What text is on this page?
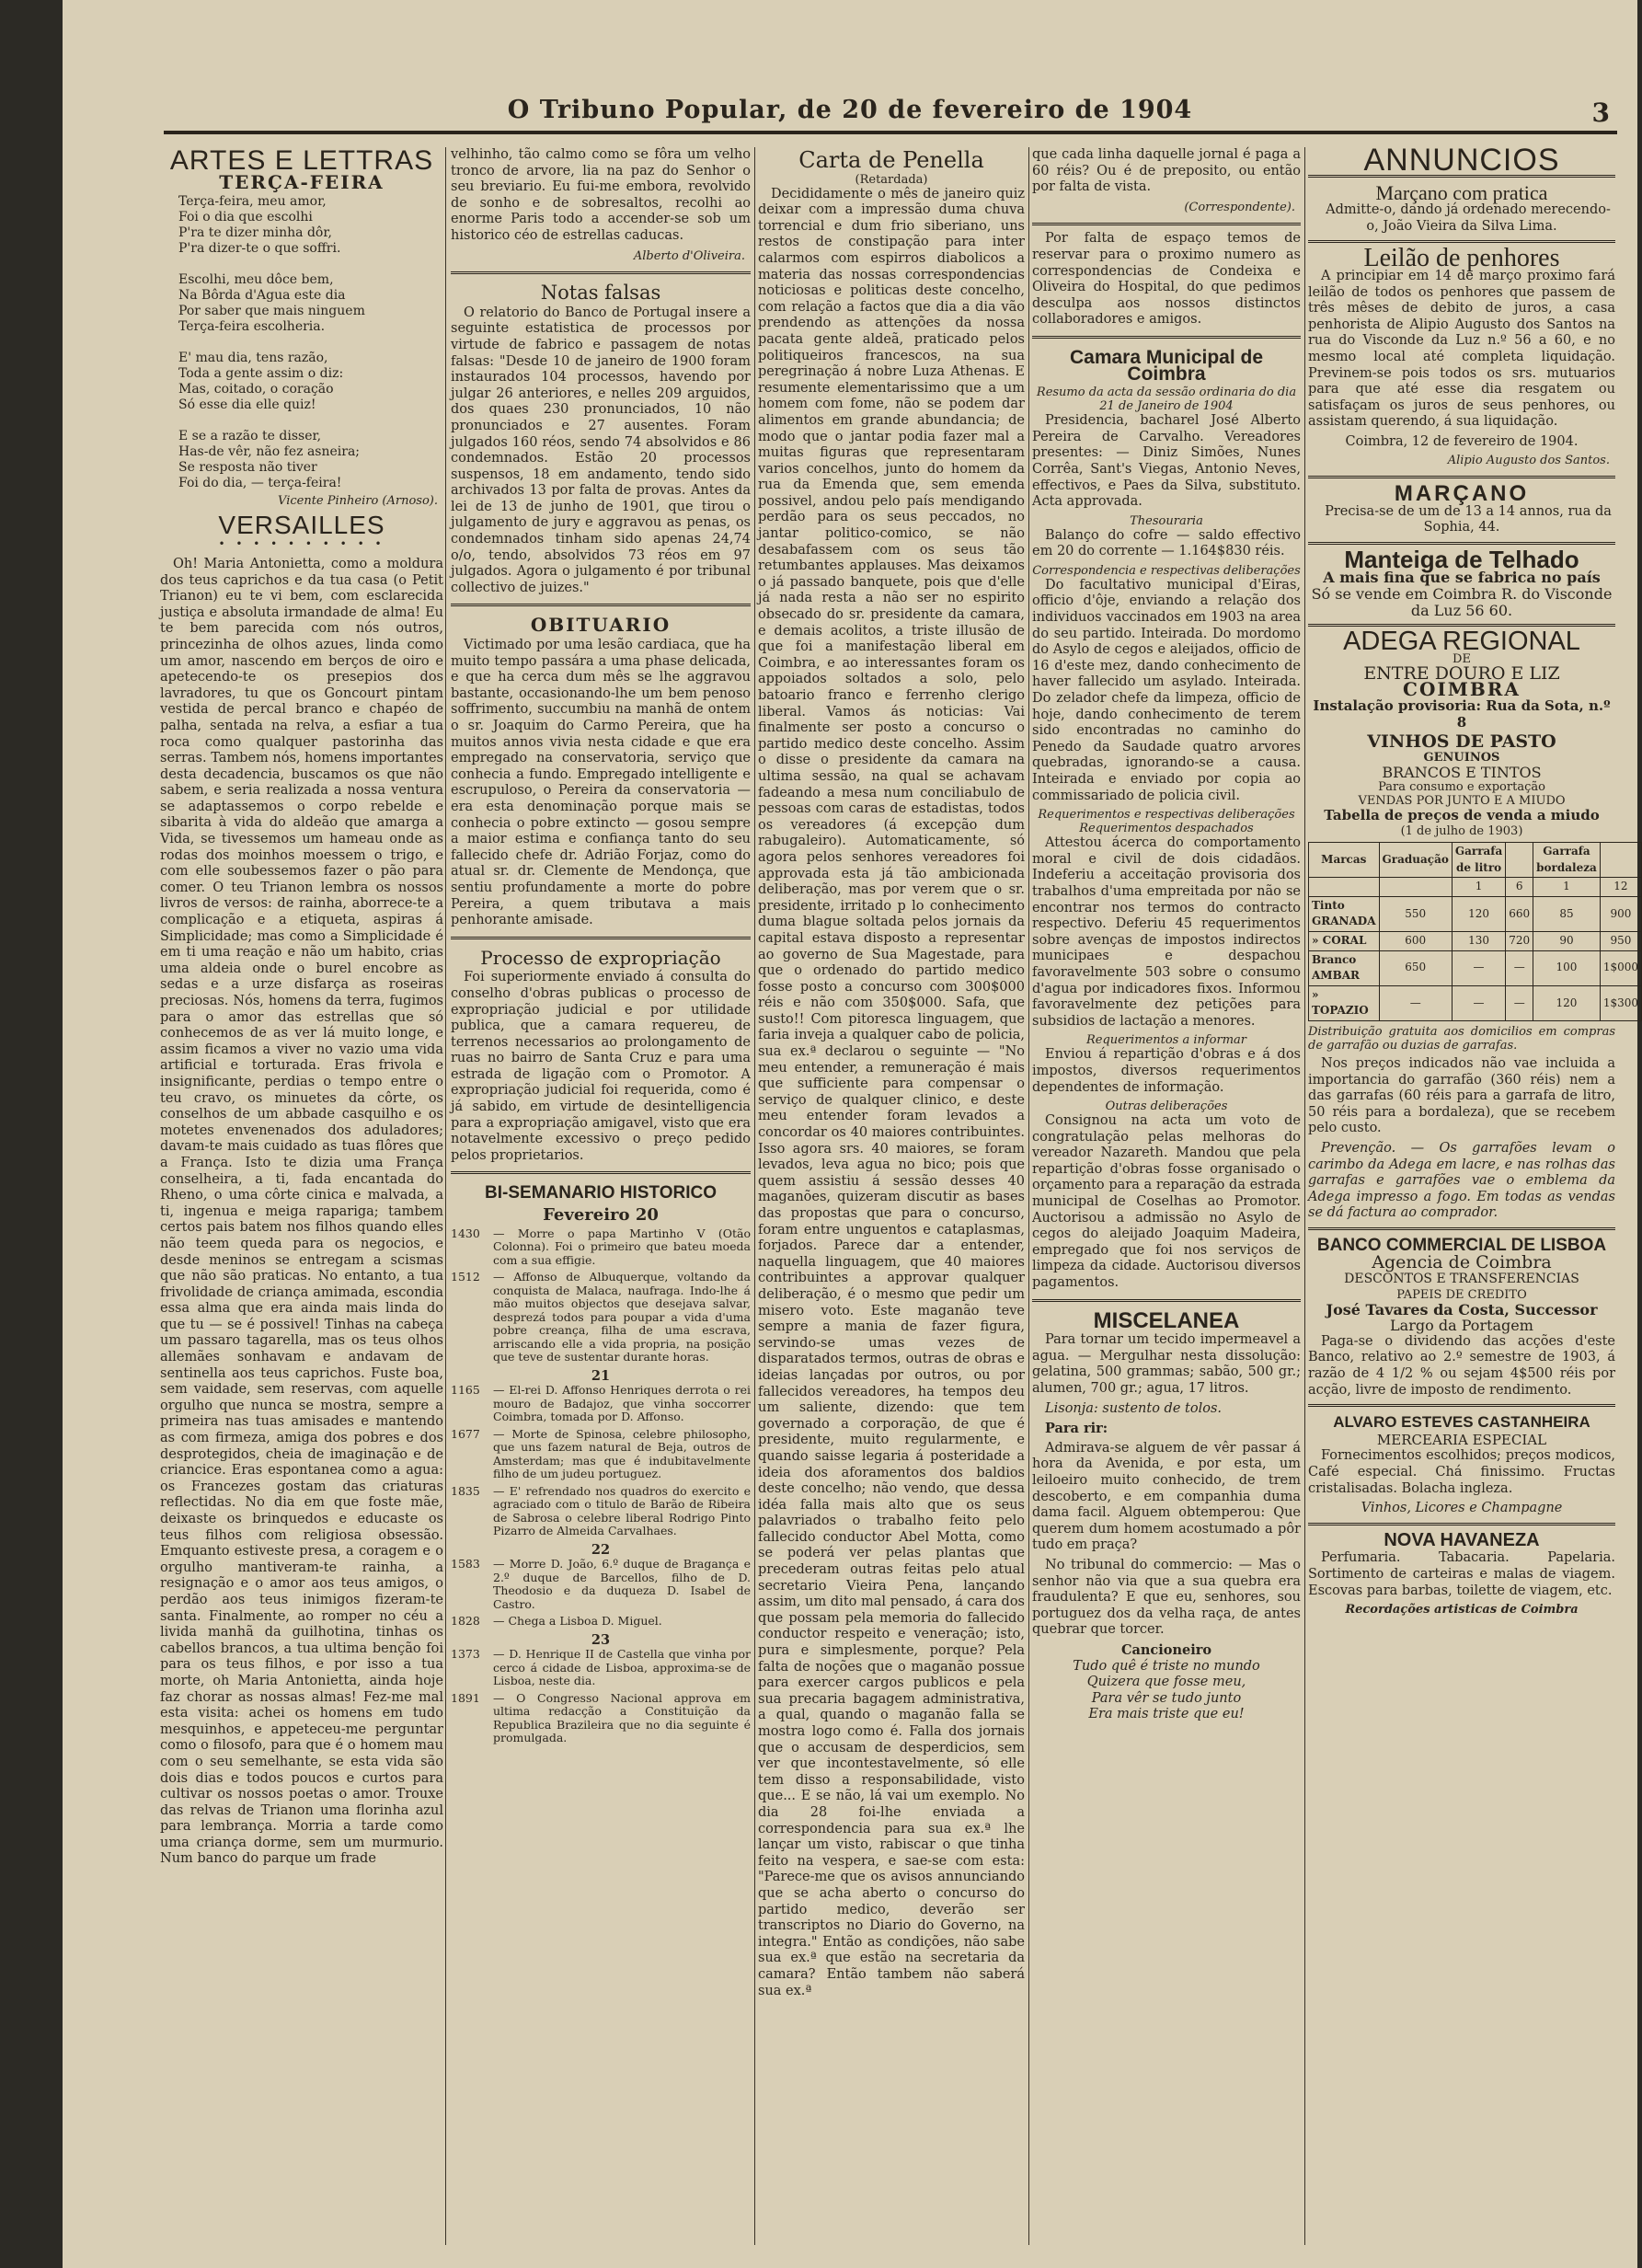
O Tribuno Popular, de 20 de fevereiro de 1904	3
ARTES E LETTRAS
TERÇA-FEIRA

Terça-feira, meu amor,

Foi o dia que escolhi

P'ra te dizer minha dôr,

P'ra dizer-te o que soffri.

Escolhi, meu dôce bem,

Na Bôrda d'Agua este dia

Por saber que mais ninguem

Terça-feira escolheria.

E' mau dia, tens razão,

Toda a gente assim o diz:

Mas, coitado, o coração

Só esse dia elle quiz!

E se a razão te disser,

Has-de vêr, não fez asneira;

Se resposta não tiver

Foi do dia, — terça-feira!

Vicente Pinheiro (Arnoso).
VERSAILLES
• • • • • • • • • •

Oh! Maria Antonietta, como a moldura dos teus caprichos e da tua casa (o Petit Trianon) eu te vi bem, com esclarecida justiça e absoluta irmandade de alma! Eu te bem parecida com nós outros, princezinha de olhos azues, linda como um amor, nascendo em berços de oiro e apetecendo-te os presepios dos lavradores, tu que os Goncourt pintam vestida de percal branco e chapéo de palha, sentada na relva, a esfiar a tua roca como qualquer pastorinha das serras. Tambem nós, homens importantes desta decadencia, buscamos os que não sabem, e seria realizada a nossa ventura se adaptassemos o corpo rebelde e sibarita à vida do aldeão que amarga a Vida, se tivessemos um hameau onde as rodas dos moinhos moessem o trigo, e com elle soubessemos fazer o pão para comer. O teu Trianon lembra os nossos livros de versos: de rainha, aborrece-te a complicação e a etiqueta, aspiras á Simplicidade; mas como a Simplicidade é em ti uma reação e não um habito, crias uma aldeia onde o burel encobre as sedas e a urze disfarça as roseiras preciosas. Nós, homens da terra, fugimos para o amor das estrellas que só conhecemos de as ver lá muito longe, e assim ficamos a viver no vazio uma vida artificial e torturada. Eras frivola e insignificante, perdias o tempo entre o teu cravo, os minuetes da côrte, os conselhos de um abbade casquilho e os motetes envenenados dos aduladores; davam-te mais cuidado as tuas flôres que a França. Isto te dizia uma França conselheira, a ti, fada encantada do Rheno, o uma côrte cinica e malvada, a ti, ingenua e meiga raparigа; tambem certos pais batem nos filhos quando elles não teem queda para os negocios, e desde meninos se entregam a scismas que não são praticas. No entanto, a tua frivolidade de criança amimada, escondia essa alma que era ainda mais linda do que tu — se é possivel! Tinhas na cabeça um passaro tagarella, mas os teus olhos allemães sonhavam e andavam de sentinella aos teus caprichos. Fuste boa, sem vaidade, sem reservas, com aquelle orgulho que nunca se mostra, sempre a primeira nas tuas amisades e mantendo as com firmeza, amiga dos pobres e dos desprotegidos, cheia de imaginação e de criancice. Eras espontanea como a agua: os Francezes gostam das criaturas reflectidas. No dia em que foste mãe, deixaste os brinquedos e educaste os teus filhos com religiosa obsessão. Emquanto estiveste presa, a coragem e o orgulho mantiveram-te rainha, a resignação e o amor aos teus amigos, o perdão aos teus inimigos fizeram-te santa. Finalmente, ao romper no céu a livida manhã da guilhotina, tinhas os cabellos brancos, a tua ultima benção foi para os teus filhos, e por isso a tua morte, oh Maria Antonietta, ainda hoje faz chorar as nossas almas! Fez-me mal esta visita: achei os homens em tudo mesquinhos, e appeteceu-me perguntar como o filosofo, para que é o homem mau com o seu semelhante, se esta vida são dois dias e todos poucos e curtos para cultivar os nossos poetas o amor. Trouxe das relvas de Trianon uma florinha azul para lembrança. Morria a tarde como uma criança dorme, sem um murmurio. Num banco do parque um frade

velhinho, tão calmo como se fôra um velho tronco de arvore, lia na paz do Senhor o seu breviario. Eu fui-me embora, revolvido de sonho e de sobresaltos, recolhi ao enorme Paris todo a accender-se sob um historico céo de estrellas caducas.

Alberto d'Oliveira.
Notas falsas

O relatorio do Banco de Portugal insere a seguinte estatistica de processos por virtude de fabrico e passagem de notas falsas: "Desde 10 de janeiro de 1900 foram instaurados 104 processos, havendo por julgar 26 anteriores, e nelles 209 arguidos, dos quaes 230 pronunciados, 10 não pronunciados e 27 ausentes. Foram julgados 160 réos, sendo 74 absolvidos e 86 condemnados. Estão 20 processos suspensos, 18 em andamento, tendo sido archivados 13 por falta de provas. Antes da lei de 13 de junho de 1901, que tirou o julgamento de jury e aggravou as penas, os condemnados tinham sido apenas 24,74 o/o, tendo, absolvidos 73 réos em 97 julgados. Agora o julgamento é por tribunal collectivo de juizes."

OBITUARIO

Victimado por uma lesão cardiaca, que ha muito tempo passára a uma phase delicada, e que ha cerca dum mês se lhe aggravou bastante, occasionando-lhe um bem penoso soffrimento, succumbiu na manhã de ontem o sr. Joaquim do Carmo Pereira, que ha muitos annos vivia nesta cidade e que era empregado na conservatoria, serviço que conhecia a fundo. Empregado intelligente e escrupuloso, o Pereira da conservatoria — era esta denominação porque mais se conhecia o pobre extincto — gosou sempre a maior estima e confiança tanto do seu fallecido chefe dr. Adrião Forjaz, como do atual sr. dr. Clemente de Mendonça, que sentiu profundamente a morte do pobre Pereira, a quem tributava a mais penhorante amisade.

Processo de expropriação

Foi superiormente enviado á consulta do conselho d'obras publicas o processo de expropriação judicial e por utilidade publica, que a camara requereu, de terrenos necessarios ao prolongamento de ruas no bairro de Santa Cruz e para uma estrada de ligação com o Promotor. A expropriação judicial foi requerida, como é já sabido, em virtude de desintelligencia para a expropriação amigavel, visto que era notavelmente excessivo o preço pedido pelos proprietarios.

BI-SEMANARIO HISTORICO
Fevereiro 20

1430 — Morre o papa Martinho V (Otão Colonna). Foi o primeiro que bateu moeda com a sua effigie.

1512 — Affonso de Albuquerque, voltando da conquista de Malaca, naufraga. Indo-lhe á mão muitos objectos que desejava salvar, desprezá todos para poupar a vida d'uma pobre creança, filha de uma escrava, arriscando elle a vida propria, na posição que teve de sustentar durante horas.

21

1165 — El-rei D. Affonso Henriques derrota o rei mouro de Badajoz, que vinha soccorrer Coimbra, tomada por D. Affonso.

1677 — Morte de Spinosa, celebre philosopho, que uns fazem natural de Beja, outros de Amsterdam; mas que é indubitavelmente filho de um judeu portuguez.

1835 — E' refrendado nos quadros do exercito e agraciado com o titulo de Barão de Ribeira de Sabrosa o celebre liberal Rodrigo Pinto Pizarro de Almeida Carvalhaes.

22

1583 — Morre D. João, 6.º duque de Bragança e 2.º duque de Barcellos, filho de D. Theodosio e da duqueza D. Isabel de Castro.

1828 — Chega a Lisboa D. Miguel.

23

1373 — D. Henrique II de Castella que vinha por cerco á cidade de Lisboa, approxima-se de Lisboa, neste dia.

1891 — O Congresso Nacional approva em ultima redacção a Constituição da Republica Brazileira que no dia seguinte é promulgada.

Carta de Penella
(Retardada)

Decididamente o mês de janeiro quiz deixar com a impressão duma chuva torrencial e dum frio siberiano, uns restos de constipação para inter calarmos com espirros diabolicos a materia das nossas correspondencias noticiosas e politicas deste concelho, com relação a factos que dia a dia vão prendendo as attenções da nossa pacata gente aldeã, praticado pelos politiqueiros francescos, na sua peregrinação á nobre Luza Athenas. E resumente elementarissimo que a um homem com fome, não se podem dar alimentos em grande abundancia; de modo que o jantar podia fazer mal a muitas figuras que representaram varios concelhos, junto do homem da rua da Emenda que, sem emenda possivel, andou pelo país mendigando perdão para os seus peccados, no jantar politico-comico, se não desabafassem com os seus tão retumbantes applauses. Mas deixamos o já passado banquete, pois que d'elle já nada resta a não ser no espirito obsecado do sr. presidente da camara, e demais acolitos, a triste illusão de que foi a manifestação liberal em Coimbra, e ao interessantes foram os appoiados soltados a solo, pelo batoario franco e ferrenho clerigo liberal. Vamos ás noticias: Vai finalmente ser posto a concurso o partido medico deste concelho. Assim o disse o presidente da camara na ultima sessão, na qual se achavam fadeando a mesa num conciliabulo de pessoas com caras de estadistas, todos os vereadores (á excepção dum rabugaleiro). Automaticamente, só agora pelos senhores vereadores foi approvada esta já tão ambicionada deliberação, mas por verem que o sr. presidente, irritado p lo conhecimento duma blague soltada pelos jornais da capital estava disposto a representar ao governo de Sua Magestade, para que o ordenado do partido medico fosse posto a concurso com 300$000 réis e não com 350$000. Safa, que susto!! Com pitoresca linguagem, que faria inveja a qualquer cabo de policia, sua ex.ª declarou o seguinte — "No meu entender, a remuneração é mais que sufficiente para compensar o serviço de qualquer clinico, e deste meu entender foram levados a concordar os 40 maiores contribuintes. Isso agora srs. 40 maiores, se foram levados, leva agua no bico; pois que quem assistiu á sessão desses 40 maganões, quizeram discutir as bases das propostas que para o concurso, foram entre unguentos e cataplasmas, forjados. Parece dar a entender, naquella linguagem, que 40 maiores contribuintes a approvar qualquer deliberação, é o mesmo que pedir um misero voto. Este maganão teve sempre a mania de fazer figura, servindo-se umas vezes de disparatados termos, outras de obras e ideias lançadas por outros, ou por fallecidos vereadores, ha tempos deu um saliente, dizendo: que tem governado a corporação, de que é presidente, muito regularmente, e quando saisse legaria á posteridade a ideia dos aforamentos dos baldios deste concelho; não vendo, que dessa idéa falla mais alto que os seus palavriados o trabalho feito pelo fallecido conductor Abel Motta, como se poderá ver pelas plantas que precederam outras feitas pelo atual secretario Vieira Pena, lançando assim, um dito mal pensado, á cara dos que possam pela memoria do fallecido conductor respeito e veneração; isto, pura e simplesmente, porque? Pela falta de noções que o maganão possue para exercer cargos publicos e pela sua precaria bagagem administrativa, a qual, quando o maganão falla se mostra logo como é. Falla dos jornais que o accusam de desperdicios, sem ver que incontestavelmente, só elle tem disso a responsabilidade, visto que... E se não, lá vai um exemplo. No dia 28 foi-lhe enviada a correspondencia para sua ex.ª lhe lançar um visto, rabiscar o que tinha feito na vespera, e sae-se com esta: "Parece-me que os avisos annunciando que se acha aberto o concurso do partido medico, deverão ser transcriptos no Diario do Governo, na integra." Então as condições, não sabe sua ex.ª que estão na secretaria da camara? Então tambem não saberá sua ex.ª

que cada linha daquelle jornal é paga a 60 réis? Ou é de preposito, ou então por falta de vista.

(Correspondente).

Por falta de espaço temos de reservar para o proximo numero as correspondencias de Condeixa e Oliveira do Hospital, do que pedimos desculpa aos nossos distinctos collaboradores e amigos.

Camara Municipal de Coimbra
Resumo da acta da sessão ordinaria do dia 21 de Janeiro de 1904

Presidencia, bacharel José Alberto Pereira de Carvalho. Vereadores presentes: — Diniz Simões, Nunes Corrêa, Sant's Viegas, Antonio Neves, effectivos, e Paes da Silva, substituto. Acta approvada.

Thesouraria

Balanço do cofre — saldo effectivo em 20 do corrente — 1.164$830 réis.

Correspondencia e respectivas deliberações

Do facultativo municipal d'Eiras, officio d'ôje, enviando a relação dos individuos vaccinados em 1903 na area do seu partido. Inteirada. Do mordomo do Asylo de cegos e aleijados, officio de 16 d'este mez, dando conhecimento de haver fallecido um asylado. Inteirada. Do zelador chefe da limpeza, officio de hoje, dando conhecimento de terem sido encontradas no caminho do Penedo da Saudade quatro arvores quebradas, ignorando-se a causa. Inteirada e enviado por copia ao commissariado de policia civil.

Requerimentos e respectivas deliberações
Requerimentos despachados

Attestou ácerca do comportamento moral e civil de dois cidadãos. Indeferiu a acceitação provisoria dos trabalhos d'uma empreitada por não se encontrar nos termos do contracto respectivo. Deferiu 45 requerimentos sobre avenças de impostos indirectos municipaes e despachou favoravelmente 503 sobre o consumo d'agua por indicadores fixos. Informou favoravelmente dez petições para subsidios de lactação a menores.

Requerimentos a informar

Enviou á repartição d'obras e á dos impostos, diversos requerimentos dependentes de informação.

Outras deliberações

Consignou na acta um voto de congratulação pelas melhoras do vereador Nazareth. Mandou que pela repartição d'obras fosse organisado o orçamento para a reparação da estrada municipal de Coselhas ao Promotor. Auctorisou a admissão no Asylo de cegos do aleijado Joaquim Madeira, empregado que foi nos serviços de limpeza da cidade. Auctorisou diversos pagamentos.

MISCELANEA

Para tornar um tecido impermeavel a agua. — Mergulhar nesta dissolução: gelatina, 500 grammas; sabão, 500 gr.; alumen, 700 gr.; agua, 17 litros.

Lisonja: sustento de tolos.

Para rir:

Admirava-se alguem de vêr passar á hora da Avenida, e por esta, um leiloeiro muito conhecido, de trem descoberto, e em companhia duma dama facil. Alguem obtemperou: Que querem dum homem acostumado a pôr tudo em praça?

No tribunal do commercio: — Mas o senhor não via que a sua quebra era fraudulenta? E que eu, senhores, sou portuguez dos da velha raça, de antes quebrar que torcer.

Cancioneiro
Tudo quê é triste no mundo
Quizera que fosse meu,
Para vêr se tudo junto
Era mais triste que eu!
ANNUNCIOS
Marçano com pratica

Admitte-o, dando já ordenado merecendo-o, João Vieira da Silva Lima.

Leilão de penhores

A principiar em 14 de março proximo fará leilão de todos os penhores que passem de três mêses de debito de juros, a casa penhorista de Alipio Augusto dos Santos na rua do Visconde da Luz n.º 56 a 60, e no mesmo local até completa liquidação. Previnem-se pois todos os srs. mutuarios para que até esse dia resgatem ou satisfaçam os juros de seus penhores, ou assistam querendo, á sua liquidação.

Coimbra, 12 de fevereiro de 1904.
Alipio Augusto dos Santos.
MARÇANO

Precisa-se de um de 13 a 14 annos, rua da Sophia, 44.

Manteiga de Telhado
A mais fina que se fabrica no país
Só se vende em Coimbra R. do Visconde da Luz 56 60.
ADEGA REGIONAL
DE
ENTRE DOURO E LIZ
COIMBRA
Instalação provisoria: Rua da Sota, n.º 8
VINHOS DE PASTO
GENUINOS
BRANCOS E TINTOS
Para consumo e exportação
VENDAS POR JUNTO E A MIUDO
Tabella de preços de venda a miudo
(1 de julho de 1903)
Marcas	Graduação	Garrafa de litro		Garrafa bordaleza	
		1	6	1	12
Tinto GRANADA	550	120	660	85	900
» CORAL	600	130	720	90	950
Branco AMBAR	650	—	—	100	1$000
» TOPAZIO	—	—	—	120	1$300

Distribuição gratuita aos domicilios em compras de garrafão ou duzias de garrafas.

Nos preços indicados não vae incluida a importancia do garrafão (360 réis) nem a das garrafas (60 réis para a garrafa de litro, 50 réis para a bordaleza), que se recebem pelo custo.

Prevenção. — Os garrafões levam o carimbo da Adega em lacre, e nas rolhas das garrafas e garrafões vae o emblema da Adega impresso a fogo. Em todas as vendas se dá factura ao comprador.

BANCO COMMERCIAL DE LISBOA
Agencia de Coimbra
DESCONTOS E TRANSFERENCIAS
PAPEIS DE CREDITO
José Tavares da Costa, Successor
Largo da Portagem

Paga-se o dividendo das acções d'este Banco, relativo ao 2.º semestre de 1903, á razão de 4 1/2 % ou sejam 4$500 réis por acção, livre de imposto de rendimento.

ALVARO ESTEVES CASTANHEIRA
MERCEARIA ESPECIAL

Fornecimentos escolhidos; preços modicos, Café especial. Chá finissimo. Fructas cristalisadas. Bolacha ingleza.

Vinhos, Licores e Champagne
NOVA HAVANEZA

Perfumaria. Tabacaria. Papelaria. Sortimento de carteiras e malas de viagem. Escovas para barbas, toilette de viagem, etc.

Recordações artisticas de Coimbra
